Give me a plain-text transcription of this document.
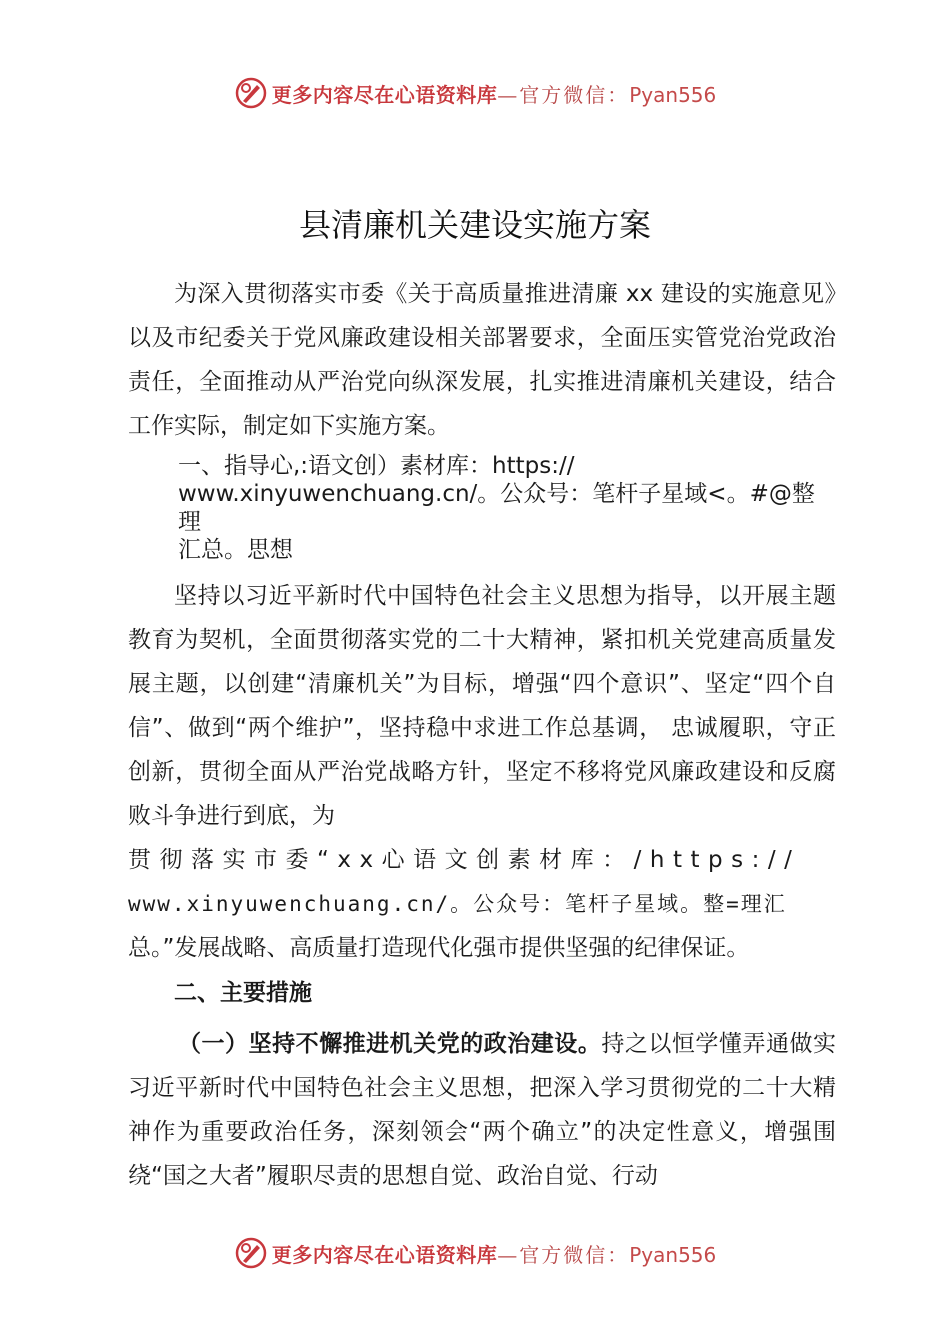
更多内容尽在心语资料库—官方微信：Pyan556
县清廉机关建设实施方案

为深入贯彻落实市委《关于高质量推进清廉 xx 建设的实施意见》以及市纪委关于党风廉政建设相关部署要求，全面压实管党治党政治责任，全面推动从严治党向纵深发展，扎实推进清廉机关建设，结合工作实际，制定如下实施方案。

一、指导心,:语文创）素材库：https://
www.xinyuwenchuang.cn/。公众号：笔杆子星域<。#@整理
汇总。思想

坚持以习近平新时代中国特色社会主义思想为指导，以开展主题教育为契机，全面贯彻落实党的二十大精神，紧扣机关党建高质量发展主题，以创建“清廉机关”为目标，增强“四个意识”、坚定“四个自信”、做到“两个维护”，坚持稳中求进工作总基调， 忠诚履职，守正创新，贯彻全面从严治党战略方针，坚定不移将党风廉政建设和反腐败斗争进行到底，为

贯彻落实市委“xx心语文创素材库：/https://

www.xinyuwenchuang.cn/。公众号：笔杆子星域。整=理汇

总。”发展战略、高质量打造现代化强市提供坚强的纪律保证。

二、主要措施

（一）坚持不懈推进机关党的政治建设。持之以恒学懂弄通做实习近平新时代中国特色社会主义思想，把深入学习贯彻党的二十大精神作为重要政治任务，深刻领会“两个确立”的决定性意义，增强围绕“国之大者”履职尽责的思想自觉、政治自觉、行动

更多内容尽在心语资料库—官方微信：Pyan556
